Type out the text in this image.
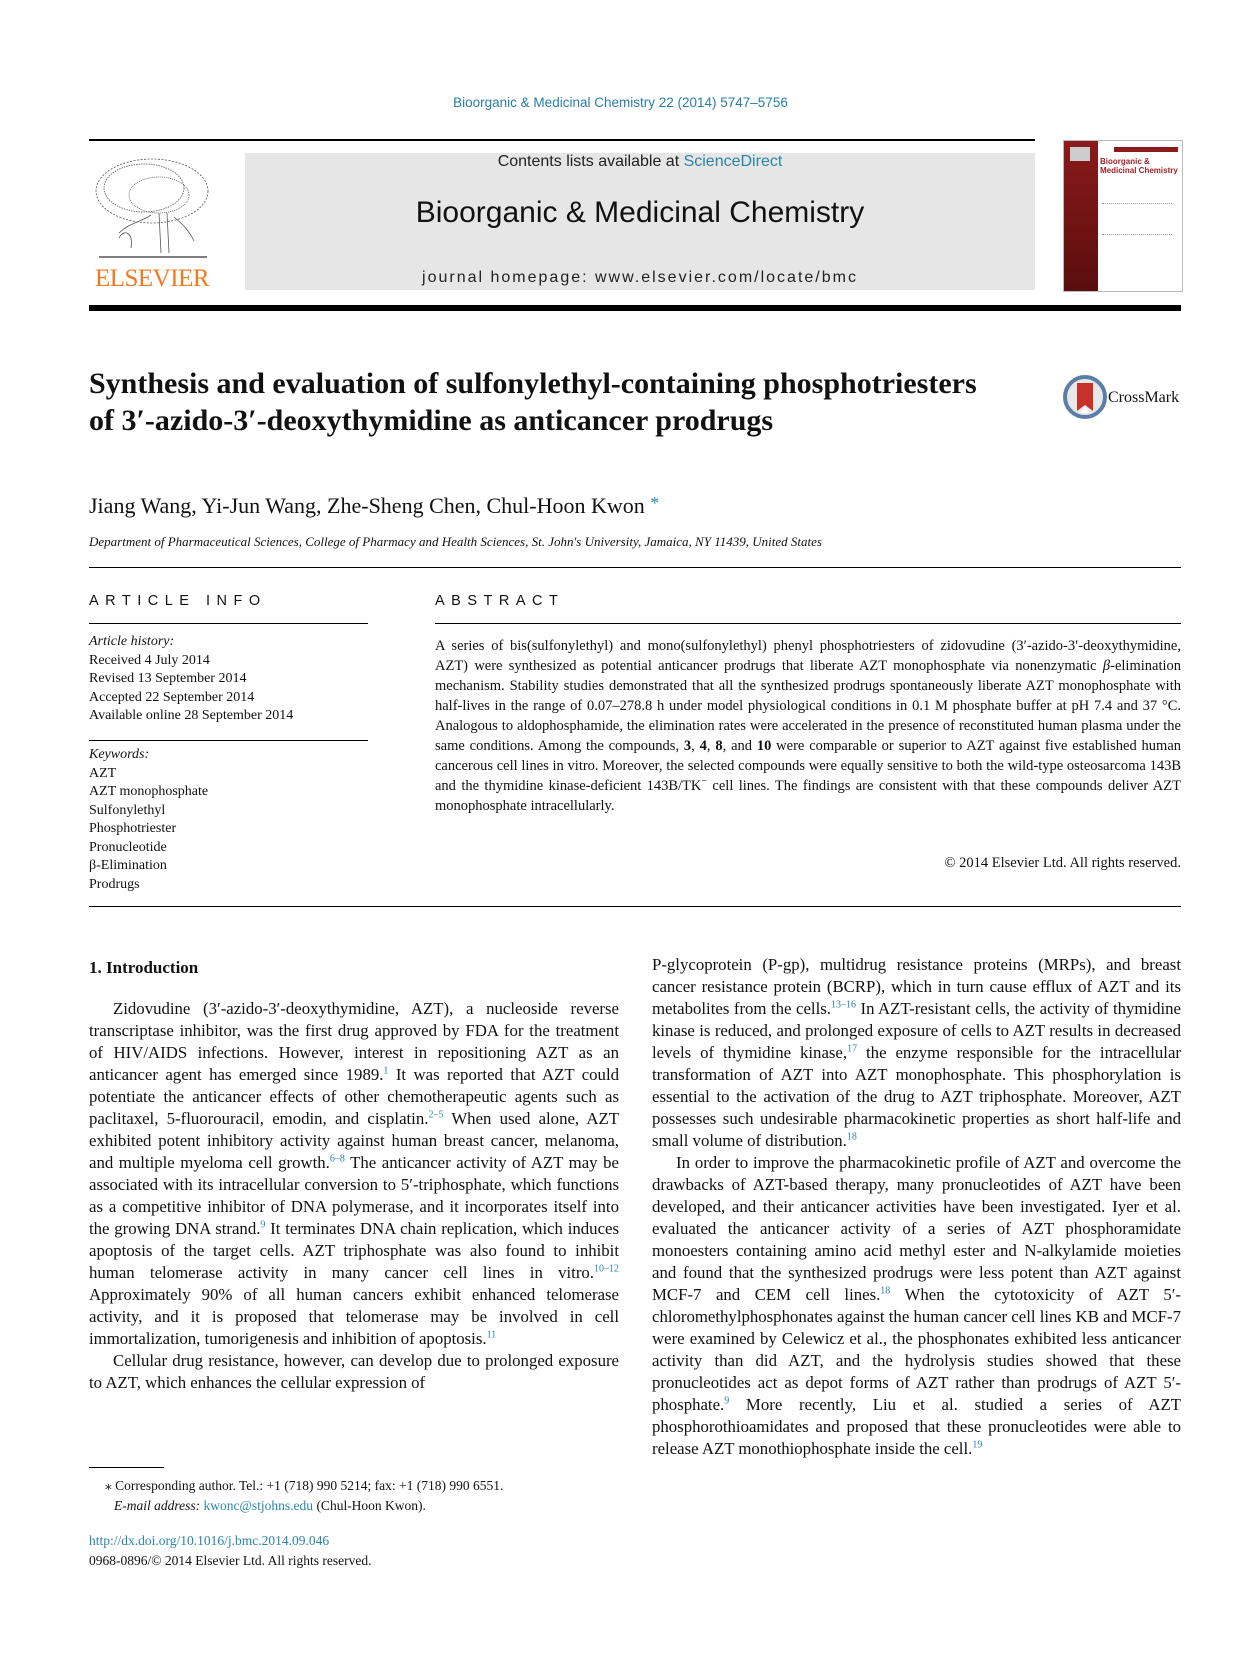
Bioorganic & Medicinal Chemistry 22 (2014) 5747–5756
ELSEVIER
Contents lists available at ScienceDirect
Bioorganic & Medicinal Chemistry
journal homepage: www.elsevier.com/locate/bmc
Bioorganic & Medicinal Chemistry
Synthesis and evaluation of sulfonylethyl-containing phosphotriesters of 3′-azido-3′-deoxythymidine as anticancer prodrugs
CrossMark
Jiang Wang, Yi-Jun Wang, Zhe-Sheng Chen, Chul-Hoon Kwon *
Department of Pharmaceutical Sciences, College of Pharmacy and Health Sciences, St. John's University, Jamaica, NY 11439, United States
ARTICLE INFO
Article history:
Received 4 July 2014
Revised 13 September 2014
Accepted 22 September 2014
Available online 28 September 2014
Keywords:
AZT
AZT monophosphate
Sulfonylethyl
Phosphotriester
Pronucleotide
β-Elimination
Prodrugs
ABSTRACT
A series of bis(sulfonylethyl) and mono(sulfonylethyl) phenyl phosphotriesters of zidovudine (3′-azido-3′-deoxythymidine, AZT) were synthesized as potential anticancer prodrugs that liberate AZT monophosphate via nonenzymatic β-elimination mechanism. Stability studies demonstrated that all the synthesized prodrugs spontaneously liberate AZT monophosphate with half-lives in the range of 0.07–278.8 h under model physiological conditions in 0.1 M phosphate buffer at pH 7.4 and 37 °C. Analogous to aldophosphamide, the elimination rates were accelerated in the presence of reconstituted human plasma under the same conditions. Among the compounds, 3, 4, 8, and 10 were comparable or superior to AZT against five established human cancerous cell lines in vitro. Moreover, the selected compounds were equally sensitive to both the wild-type osteosarcoma 143B and the thymidine kinase-deficient 143B/TK− cell lines. The findings are consistent with that these compounds deliver AZT monophosphate intracellularly.
© 2014 Elsevier Ltd. All rights reserved.
1. Introduction

Zidovudine (3′-azido-3′-deoxythymidine, AZT), a nucleoside reverse transcriptase inhibitor, was the first drug approved by FDA for the treatment of HIV/AIDS infections. However, interest in repositioning AZT as an anticancer agent has emerged since 1989.$^1$ It was reported that AZT could potentiate the anticancer effects of other chemotherapeutic agents such as paclitaxel, 5-fluorouracil, emodin, and cisplatin.$^{2-5}$ When used alone, AZT exhibited potent inhibitory activity against human breast cancer, melanoma, and multiple myeloma cell growth.$^{6-8}$ The anticancer activity of AZT may be associated with its intracellular conversion to 5′-triphosphate, which functions as a competitive inhibitor of DNA polymerase, and it incorporates itself into the growing DNA strand.$^9$ It terminates DNA chain replication, which induces apoptosis of the target cells. AZT triphosphate was also found to inhibit human telomerase activity in many cancer cell lines in vitro.$^{10-12}$ Approximately 90% of all human cancers exhibit enhanced telomerase activity, and it is proposed that telomerase may be involved in cell immortalization, tumorigenesis and inhibition of apoptosis.$^{11}$

Cellular drug resistance, however, can develop due to prolonged exposure to AZT, which enhances the cellular expression of

P-glycoprotein (P-gp), multidrug resistance proteins (MRPs), and breast cancer resistance protein (BCRP), which in turn cause efflux of AZT and its metabolites from the cells.$^{13-16}$ In AZT-resistant cells, the activity of thymidine kinase is reduced, and prolonged exposure of cells to AZT results in decreased levels of thymidine kinase,$^{17}$ the enzyme responsible for the intracellular transformation of AZT into AZT monophosphate. This phosphorylation is essential to the activation of the drug to AZT triphosphate. Moreover, AZT possesses such undesirable pharmacokinetic properties as short half-life and small volume of distribution.$^{18}$

In order to improve the pharmacokinetic profile of AZT and overcome the drawbacks of AZT-based therapy, many pronucleotides of AZT have been developed, and their anticancer activities have been investigated. Iyer et al. evaluated the anticancer activity of a series of AZT phosphoramidate monoesters containing amino acid methyl ester and N-alkylamide moieties and found that the synthesized prodrugs were less potent than AZT against MCF-7 and CEM cell lines.$^{18}$ When the cytotoxicity of AZT 5′-chloromethylphosphonates against the human cancer cell lines KB and MCF-7 were examined by Celewicz et al., the phosphonates exhibited less anticancer activity than did AZT, and the hydrolysis studies showed that these pronucleotides act as depot forms of AZT rather than prodrugs of AZT 5′-phosphate.$^9$ More recently, Liu et al. studied a series of AZT phosphorothioamidates and proposed that these pronucleotides were able to release AZT monothiophosphate inside the cell.$^{19}$

⁎ Corresponding author. Tel.: +1 (718) 990 5214; fax: +1 (718) 990 6551.
E-mail address: kwonc@stjohns.edu (Chul-Hoon Kwon).
http://dx.doi.org/10.1016/j.bmc.2014.09.046
0968-0896/© 2014 Elsevier Ltd. All rights reserved.
